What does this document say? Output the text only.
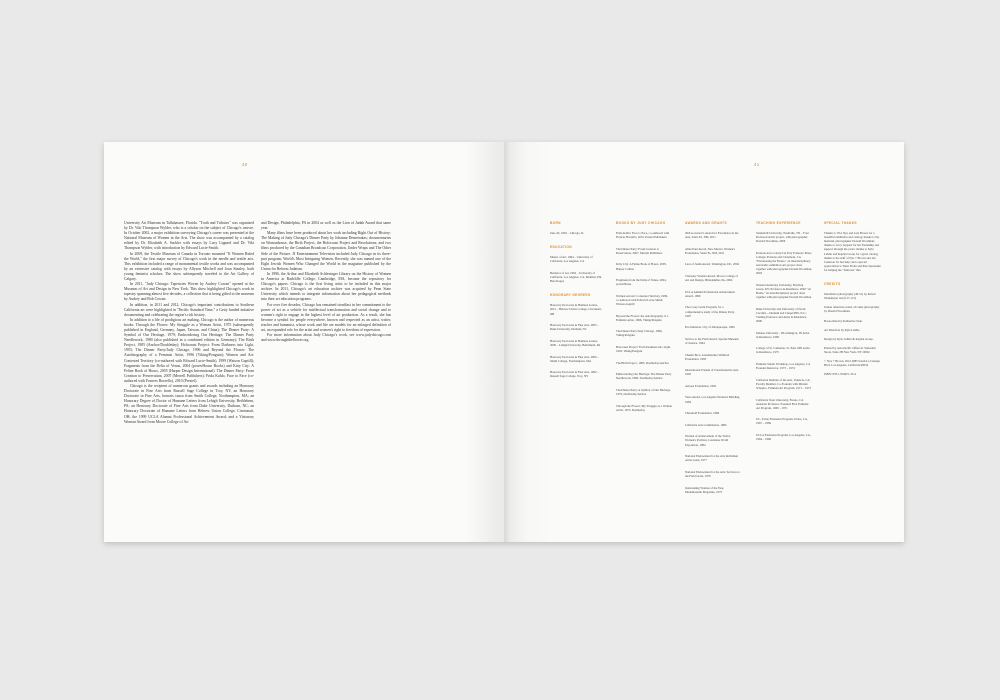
40

University Art Museum in Tallahassee, Florida. "Truth and Tributes" was organized by Dr. Viki Thompson Wylder, who is a scholar on the subject of Chicago's oeuvre. In October 2002, a major exhibition surveying Chicago's career was presented at the National Museum of Women in the Arts. The show was accompanied by a catalog edited by Dr. Elizabeth A. Sackler with essays by Lucy Lippard and Dr. Viki Thompson Wylder, with introduction by Edward Lucie-Smith.

In 2009, the Textile Museum of Canada in Toronto mounted "If Women Ruled the World," the first major survey of Chicago's work in the needle and textile arts. This exhibition included a range of monumental textile works and was accompanied by an extensive catalog with essays by Allyson Mitchell and Joan Stanley, both young feminist scholars. The show subsequently traveled to the Art Gallery of Calgary.

In 2011, "Judy Chicago: Tapestries Woven by Audrey Cowan" opened at the Museum of Art and Design in New York. This show highlighted Chicago's work in tapestry spanning almost five decades, a collection that is being gifted to the museum by Audrey and Bob Cowan.

In addition, in 2011 and 2012, Chicago's important contributions to Southern California art were highlighted in "Pacific Standard Time," a Getty funded initiative documenting and celebrating the region's rich history.

In addition to a life of prodigious art making, Chicago is the author of numerous books: Through the Flower: My Struggle as a Woman Artist, 1975 (subsequently published in England, Germany, Japan, Taiwan, and China); The Dinner Party: A Symbol of Our Heritage, 1979; Embroidering Our Heritage: The Dinner Party Needlework, 1980 (also published in a combined edition in Germany); The Birth Project, 1985 (Anchor/Doubleday); Holocaust Project: From Darkness into Light, 1993; The Dinner Party/Judy Chicago, 1996 and Beyond the Flower: The Autobiography of a Feminist Artist, 1996 (Viking/Penguin); Women and Art: Contested Territory (co-authored with Edward Lucie-Smith), 1999 (Watson Guptill); Fragments from the Delta of Venus, 2004 (powerHouse Books) and Kitty City: A Feline Book of Hours, 2005 (Harper Design International). The Dinner Party: From Creation to Preservation, 2007 (Merrell Publishers); Frida Kahlo, Face to Face (co-authored with Frances Borzello), 2010 (Prestel).

Chicago is the recipient of numerous grants and awards including an Honorary Doctorate in Fine Arts from Russell Sage College in Troy, NY, an Honorary Doctorate in Fine Arts, honoris causa from Smith College, Northampton, MA; an Honorary Degree of Doctor of Humane Letters from Lehigh University, Bethlehem, PA; an Honorary Doctorate of Fine Arts from Duke University, Durham, NC; an Honorary Doctorate of Humane Letters from Hebrew Union College, Cincinnati, OH; the 1999 UCLA Alumni Professional Achievement Award; and a Visionary Woman Award from Moore College of Art

and Design, Philadelphia, PA in 2004 as well as the Lion of Judah Award that same year.

Many films have been produced about her work including Right Out of History: The Making of Judy Chicago's Dinner Party by Johanna Demetrakas; documentaries on Womanhouse, the Birth Project, the Holocaust Project and Resolutions; and two films produced by the Canadian Broadcast Corporation, Under Wraps and The Other Side of the Picture. JJ Entertainment Television included Judy Chicago in its three-part program, World's Most Intriguing Women. Recently, she was named one of the Eight Jewish Women Who Changed the World in the magazine published by the Union for Reform Judaism.

In 1996, the Arthur and Elizabeth Schlesinger Library on the History of Women in America at Radcliffe College, Cambridge, MA, became the repository for Chicago's papers. Chicago is the first living artist to be included in this major archive. In 2011, Chicago's art education archive was acquired by Penn State University which intends to integrate information about her pedagogical methods into their art education programs.

For over five decades, Chicago has remained steadfast in her commitment to the power of art as a vehicle for intellectual transformation and social change and to women's right to engage in the highest level of art production. As a result, she has become a symbol for people everywhere, known and respected as an artist, writer, teacher and humanist, whose work and life are models for an enlarged definition of art, an expanded role for the artist and women's right to freedom of expression.

For more information about Judy Chicago's work, see www.judychicago.com and www.throughtheflower.org.

41
BORN
June 20, 1939 – Chicago, IL
EDUCATION
Master of Art, 1964 – University of California, Los Angeles, CA
Bachelor of Art, 1962 – University of California, Los Angeles, CA, Member, Phi Beta Kappa
HONORARY DEGREES
Honorary Doctorate in Humane Letters, 2012 – Hebrew Union College, Cincinnati, OH
Honorary Doctorate in Fine Arts, 2003 – Duke University, Durham, NC
Honorary Doctorate in Humane Letters, 2000 – Lehigh University, Bethlehem, PA
Honorary Doctorate in Fine Arts, 2000 – Smith College, Northampton, MA
Honorary Doctorate in Fine Arts, 1992 – Russell Sage College, Troy, NY
BOOKS BY JUDY CHICAGO
Frida Kahlo: Face to Face, co-authored with Frances Borzello, 2010, Prestel Publishers
The Dinner Party: From Creation to Preservation, 2007, Merrell Publishers
Kitty City: A Feline Book of Hours, 2005, Harper Collins
Fragments from the Delta of Venus, 2004, powerHouse
Women and Art: Contested Territory, 1999, co-authored with Edward Lucie-Smith, Watson-Guptill
Beyond the Flower: the Autobiography of a Feminist Artist, 1996, Viking/Penguin
The Dinner Party/Judy Chicago, 1996, Viking/Penguin
Holocaust Project: From Darkness into Light, 1993, Viking/Penguin
The Birth Project, 1985, Doubleday/Anchor
Embroidering Our Heritage: The Dinner Party Needlework, 1980, Doubleday/Anchor
The Dinner Party: A Symbol of Our Heritage, 1979, Doubleday/Anchor
Through the Flower: My Struggle as a Woman Artist, 1975, Doubleday
AWARDS AND GRANTS
20th Governor's Award for Excellence in the Arts, Santa Fe, NM, 2011
Allan Paul Award, New Mexico Women's Foundation, Santa Fe, NM, 2011
Lion of Judah Award, Washington, DC, 2004
Visionary Woman Award, Moore College of Art and Design, Philadelphia, PA, 2004
UCLA Alumni Professional Achievement Award, 1999
The Corey Grant Program, for a comprehensive study of the Dinner Party, 1997
Proclamation, City of Albuquerque, 1996
Service to the Field Award, Spertus Museum of Judaica, 1994
Thanks Be to Grandmother Winifred Foundation, 1993
International Friends of Transformative Arts, 1992
Astraea Foundation, 1992
Vesta Award, Los Angeles Woman's Building, 1984
Threshold Foundation, 1986
California Arts Commission, 1984
Woman of Achievement of the World, Women's Pavilion, Louisiana World Exposition, 1984
National Endowment for the Arts Individual Artist Grant, 1977
National Endowment for the Arts: Services to the Field Grant, 1976
Outstanding Woman of the Year, Mademoiselle Magazine, 1973
TEACHING EXPERIENCE
Vanderbilt University, Nashville, TN – Four Professor/Artist project, with photographer Donald Woodman, 2006
Pomona Arts Colony/Cal Poly Pomona/ Pitzer College/ Pomona and Claremont, CA "Envisioning the Future," an interdisciplinary and studio exhibition arts project done together with photographer Donald Woodman, 2003
Western Kentucky University, Bowling Green, KY; Professor-in-Residence, 2002 "At Home," an interdisciplinary project done together with photographer Donald Woodman
Duke University and University of North Carolina – Durham and Chapel Hill, N.C.; Visiting Professor and Artist in Residence, 2000
Indiana University – Bloomington, IN Artist in Residence, 1999
College of St. Catherine, St. Paul, MN Artist in Residence, 1975
Feminist Studio Workshop, Los Angeles, CA Founder/Instructor, 1973 – 1974
California Institute of the Arts, Valencia, CA; Faculty Member, Co-Founder with Miriam Schapiro, Feminist Art Program, 1971 – 1973
California State University, Fresno, CA Assistant Professor, Founded First Feminist Art Program, 1969 – 1971
UC, Irvine Extension Program, Irvine, CA, 1967 – 1969
UCLA Extension Program, Los Angeles, CA, 1964 – 1966
SPECIAL THANKS
Thanks to Viva Nye and Lata Brown for a beautiful exhibition and catalog; thanks to my husband, photographer Donald Woodman; thanks to Lucy Lippard for her friendship and support through the years; thanks to Kyle LaMar and Kaplan Group for a great catalog; thanks to the staff of Nye + Brown and Jen Cameron for her help; and a special appreciation to Dana Frenn and Pete Sperandeo for helping me "fabricate" this.
CREDITS
Installation photography (46-51) by Robert Wedemeyer and (117-121)
Unless otherwise noted, all other photography by Donald Woodman.
Book edited by Katherine Chan.
Art Direction by Kyle LaMar.
Design by Kyle LaMar & Kaplan Group.
Printed by Asia Pacific Offset 41 Sixteenth Street, Suite 2B New York, NY 10002
© Nye + Brown, 2012 2685 South La Cienega Blvd. Los Angeles, California 90034
ISBN: 978-1-934671-35-4
